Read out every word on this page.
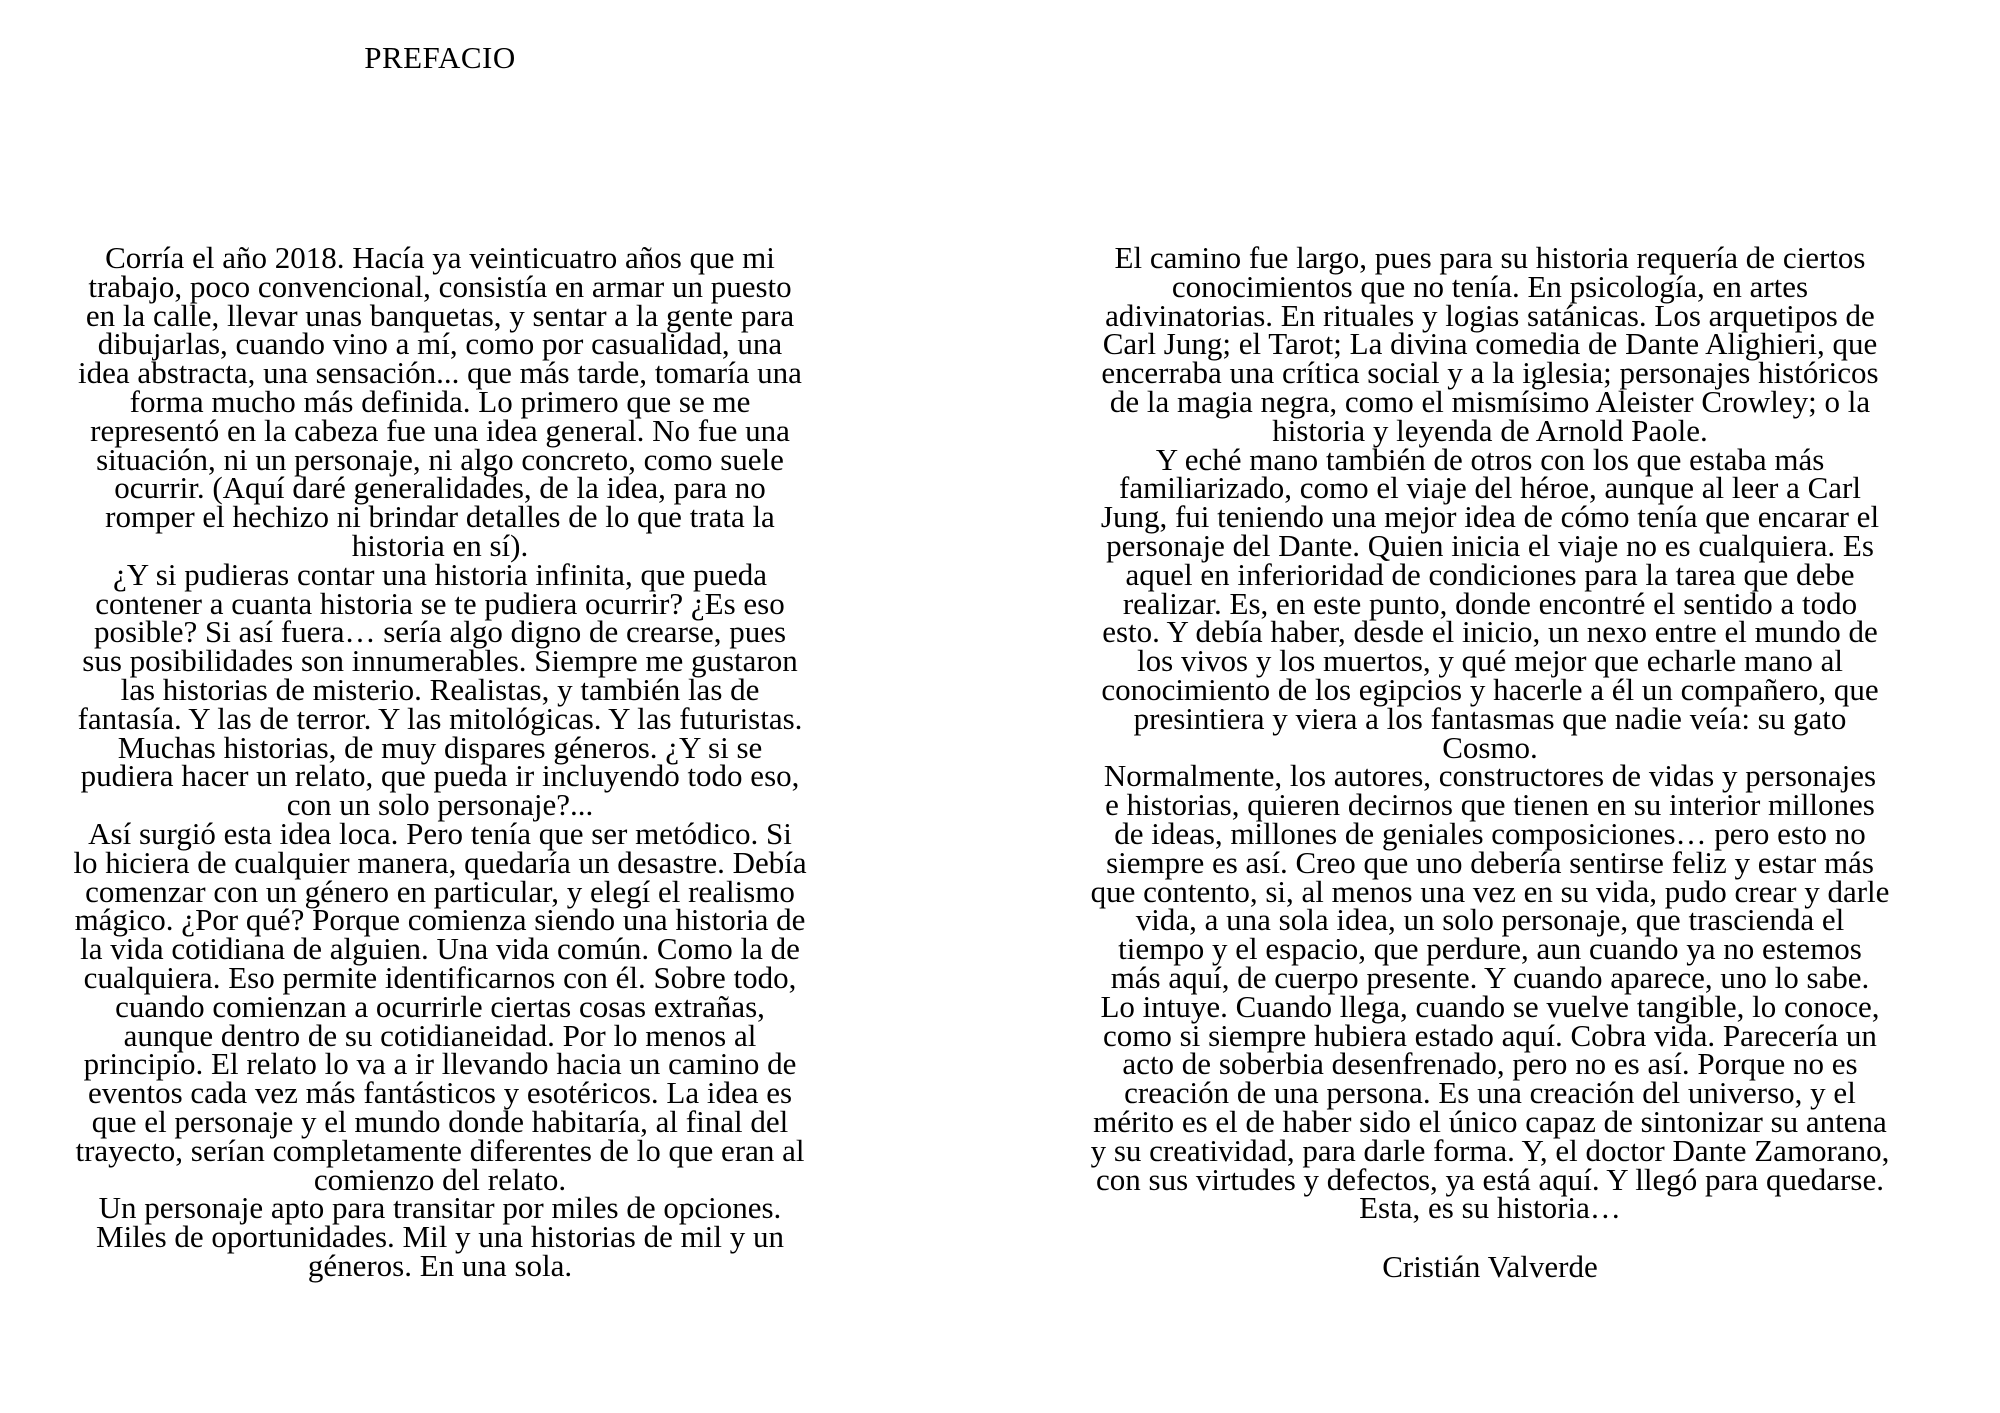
PREFACIO
Corría el año 2018. Hacía ya veinticuatro años que mi
trabajo, poco convencional, consistía en armar un puesto
en la calle, llevar unas banquetas, y sentar a la gente para
dibujarlas, cuando vino a mí, como por casualidad, una
idea abstracta, una sensación... que más tarde, tomaría una
forma mucho más definida. Lo primero que se me
representó en la cabeza fue una idea general. No fue una
situación, ni un personaje, ni algo concreto, como suele
ocurrir. (Aquí daré generalidades, de la idea, para no
romper el hechizo ni brindar detalles de lo que trata la
historia en sí).
¿Y si pudieras contar una historia infinita, que pueda
contener a cuanta historia se te pudiera ocurrir? ¿Es eso
posible? Si así fuera… sería algo digno de crearse, pues
sus posibilidades son innumerables. Siempre me gustaron
las historias de misterio. Realistas, y también las de
fantasía. Y las de terror. Y las mitológicas. Y las futuristas.
Muchas historias, de muy dispares géneros. ¿Y si se
pudiera hacer un relato, que pueda ir incluyendo todo eso,
con un solo personaje?...
Así surgió esta idea loca. Pero tenía que ser metódico. Si
lo hiciera de cualquier manera, quedaría un desastre. Debía
comenzar con un género en particular, y elegí el realismo
mágico. ¿Por qué? Porque comienza siendo una historia de
la vida cotidiana de alguien. Una vida común. Como la de
cualquiera. Eso permite identificarnos con él. Sobre todo,
cuando comienzan a ocurrirle ciertas cosas extrañas,
aunque dentro de su cotidianeidad. Por lo menos al
principio. El relato lo va a ir llevando hacia un camino de
eventos cada vez más fantásticos y esotéricos. La idea es
que el personaje y el mundo donde habitaría, al final del
trayecto, serían completamente diferentes de lo que eran al
comienzo del relato.
Un personaje apto para transitar por miles de opciones.
Miles de oportunidades. Mil y una historias de mil y un
géneros. En una sola.
El camino fue largo, pues para su historia requería de ciertos
conocimientos que no tenía. En psicología, en artes
adivinatorias. En rituales y logias satánicas. Los arquetipos de
Carl Jung; el Tarot; La divina comedia de Dante Alighieri, que
encerraba una crítica social y a la iglesia; personajes históricos
de la magia negra, como el mismísimo Aleister Crowley; o la
historia y leyenda de Arnold Paole.
Y eché mano también de otros con los que estaba más
familiarizado, como el viaje del héroe, aunque al leer a Carl
Jung, fui teniendo una mejor idea de cómo tenía que encarar el
personaje del Dante. Quien inicia el viaje no es cualquiera. Es
aquel en inferioridad de condiciones para la tarea que debe
realizar. Es, en este punto, donde encontré el sentido a todo
esto. Y debía haber, desde el inicio, un nexo entre el mundo de
los vivos y los muertos, y qué mejor que echarle mano al
conocimiento de los egipcios y hacerle a él un compañero, que
presintiera y viera a los fantasmas que nadie veía: su gato
Cosmo.
Normalmente, los autores, constructores de vidas y personajes
e historias, quieren decirnos que tienen en su interior millones
de ideas, millones de geniales composiciones… pero esto no
siempre es así. Creo que uno debería sentirse feliz y estar más
que contento, si, al menos una vez en su vida, pudo crear y darle
vida, a una sola idea, un solo personaje, que trascienda el
tiempo y el espacio, que perdure, aun cuando ya no estemos
más aquí, de cuerpo presente. Y cuando aparece, uno lo sabe.
Lo intuye. Cuando llega, cuando se vuelve tangible, lo conoce,
como si siempre hubiera estado aquí. Cobra vida. Parecería un
acto de soberbia desenfrenado, pero no es así. Porque no es
creación de una persona. Es una creación del universo, y el
mérito es el de haber sido el único capaz de sintonizar su antena
y su creatividad, para darle forma. Y, el doctor Dante Zamorano,
con sus virtudes y defectos, ya está aquí. Y llegó para quedarse.
Esta, es su historia…
Cristián Valverde
